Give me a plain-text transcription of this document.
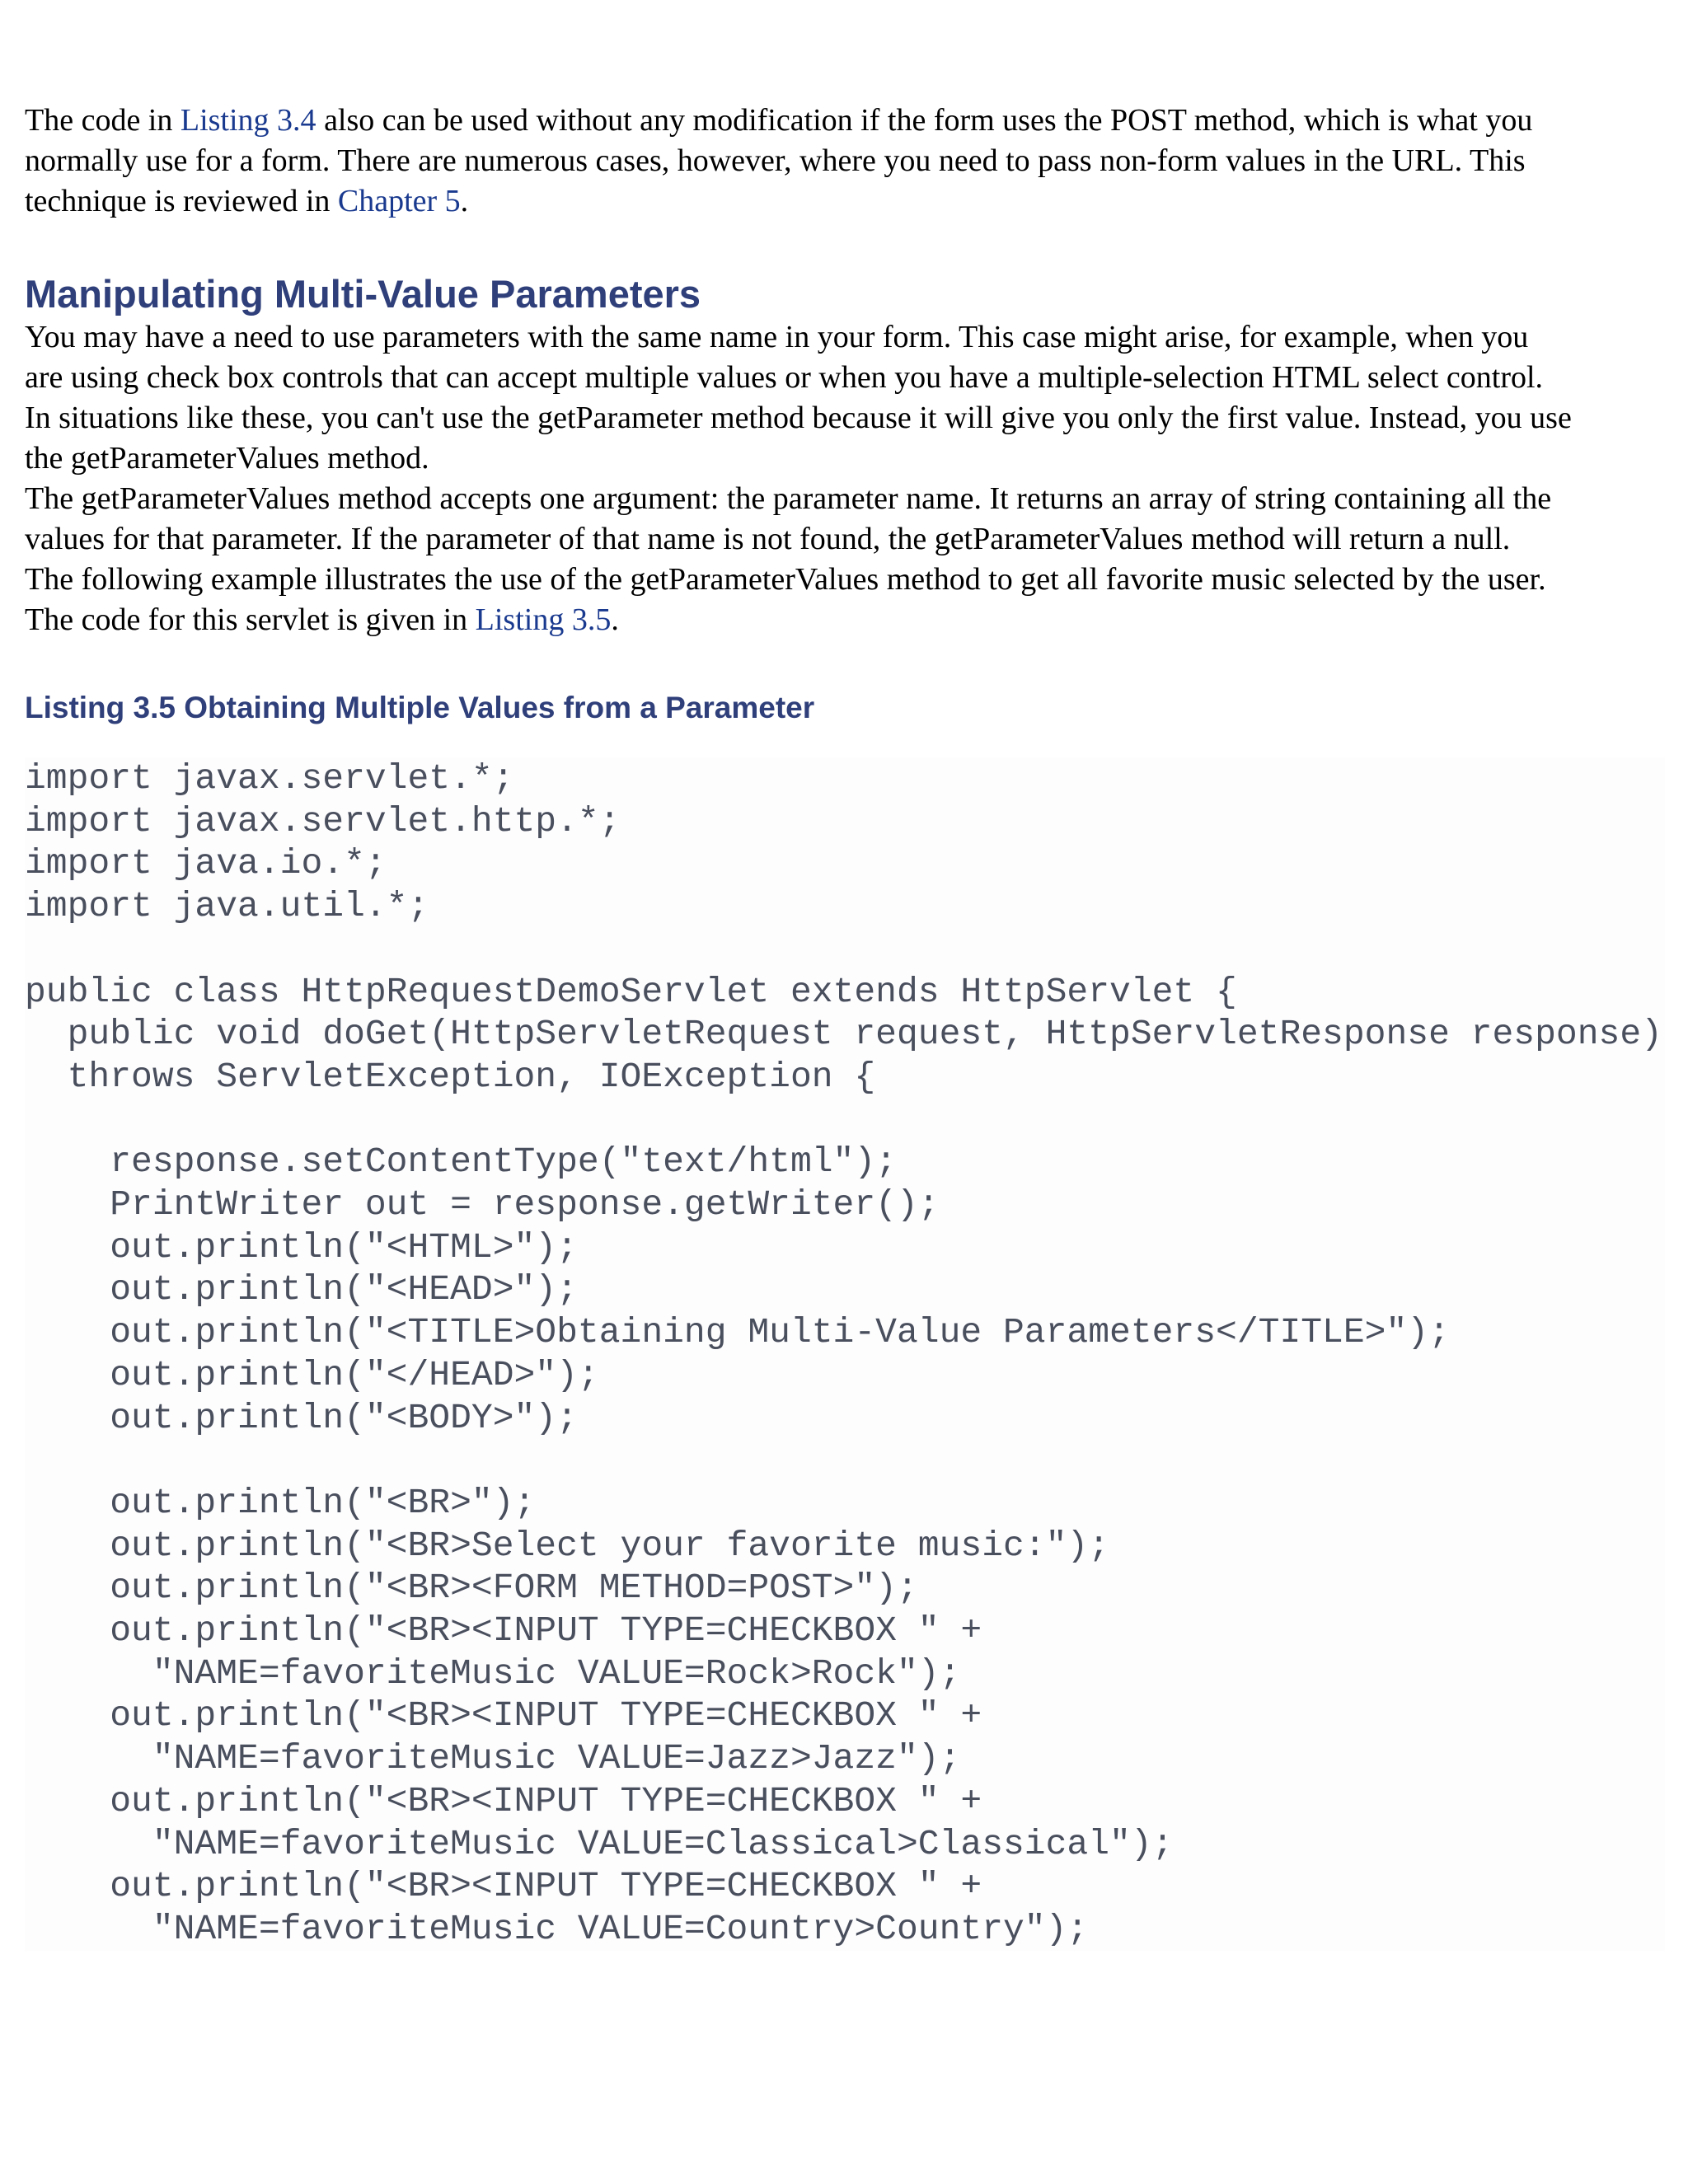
The code in Listing 3.4 also can be used without any modification if the form uses the POST method, which is what you
normally use for a form. There are numerous cases, however, where you need to pass non-form values in the URL. This
technique is reviewed in Chapter 5.

Manipulating Multi-Value Parameters

You may have a need to use parameters with the same name in your form. This case might arise, for example, when you
are using check box controls that can accept multiple values or when you have a multiple-selection HTML select control.
In situations like these, you can't use the getParameter method because it will give you only the first value. Instead, you use
the getParameterValues method.

The getParameterValues method accepts one argument: the parameter name. It returns an array of string containing all the
values for that parameter. If the parameter of that name is not found, the getParameterValues method will return a null.

The following example illustrates the use of the getParameterValues method to get all favorite music selected by the user.
The code for this servlet is given in Listing 3.5.

Listing 3.5 Obtaining Multiple Values from a Parameter
import javax.servlet.*;
import javax.servlet.http.*;
import java.io.*;
import java.util.*;

public class HttpRequestDemoServlet extends HttpServlet {
public void doGet(HttpServletRequest request, HttpServletResponse response)
throws ServletException, IOException {

response.setContentType("text/html");
PrintWriter out = response.getWriter();
out.println("<HTML>");
out.println("<HEAD>");
out.println("<TITLE>Obtaining Multi-Value Parameters</TITLE>");
out.println("</HEAD>");
out.println("<BODY>");

out.println("<BR>");
out.println("<BR>Select your favorite music:");
out.println("<BR><FORM METHOD=POST>");
out.println("<BR><INPUT TYPE=CHECKBOX " +
"NAME=favoriteMusic VALUE=Rock>Rock");
out.println("<BR><INPUT TYPE=CHECKBOX " +
"NAME=favoriteMusic VALUE=Jazz>Jazz");
out.println("<BR><INPUT TYPE=CHECKBOX " +
"NAME=favoriteMusic VALUE=Classical>Classical");
out.println("<BR><INPUT TYPE=CHECKBOX " +
"NAME=favoriteMusic VALUE=Country>Country");
